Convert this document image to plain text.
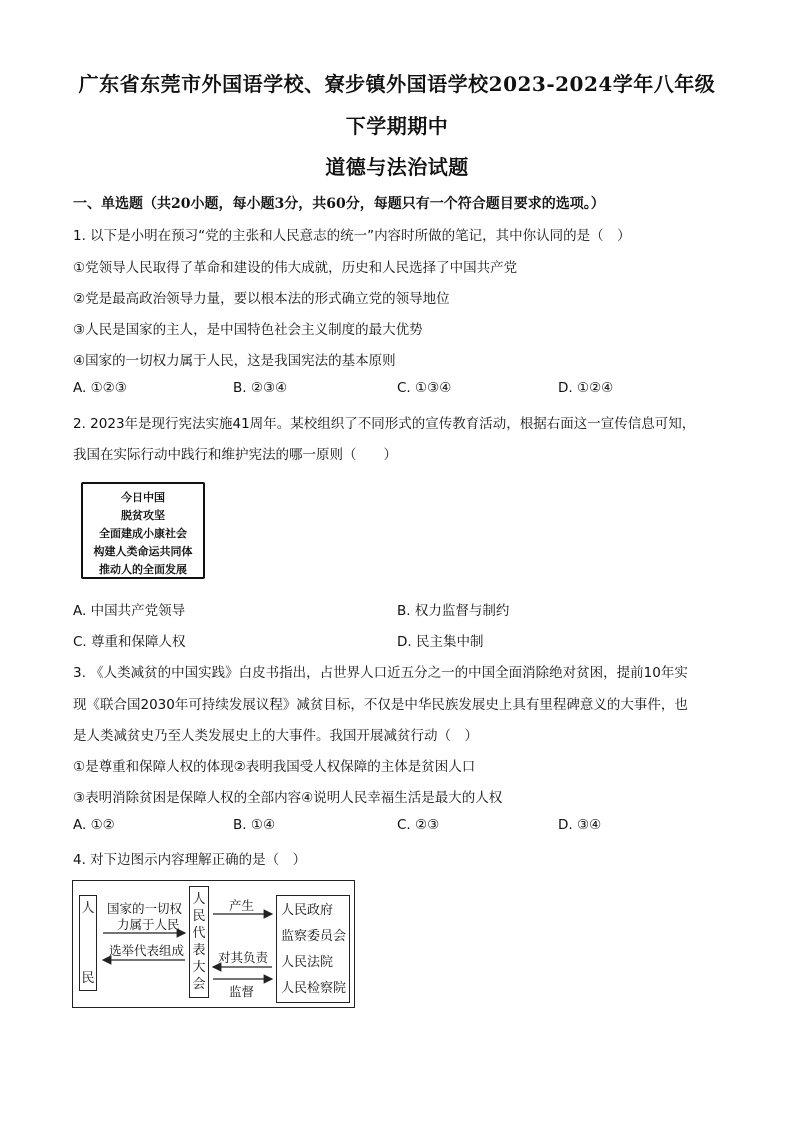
广东省东莞市外国语学校、寮步镇外国语学校2023-2024学年八年级
下学期期中
道德与法治试题
一、单选题（共20小题，每小题3分，共60分，每题只有一个符合题目要求的选项。）
1. 以下是小明在预习“党的主张和人民意志的统一”内容时所做的笔记，其中你认同的是（　）
①党领导人民取得了革命和建设的伟大成就，历史和人民选择了中国共产党
②党是最高政治领导力量，要以根本法的形式确立党的领导地位
③人民是国家的主人，是中国特色社会主义制度的最大优势
④国家的一切权力属于人民，这是我国宪法的基本原则
A. ①②③	B. ②③④	C. ①③④	D. ①②④
2. 2023年是现行宪法实施41周年。某校组织了不同形式的宣传教育活动，根据右面这一宣传信息可知，
我国在实际行动中践行和维护宪法的哪一原则（　　）
今日中国
脱贫攻坚
全面建成小康社会
构建人类命运共同体
推动人的全面发展
A. 中国共产党领导	B. 权力监督与制约
C. 尊重和保障人权	D. 民主集中制
3. 《人类减贫的中国实践》白皮书指出，占世界人口近五分之一的中国全面消除绝对贫困，提前10年实
现《联合国2030年可持续发展议程》减贫目标，不仅是中华民族发展史上具有里程碑意义的大事件，也
是人类减贫史乃至人类发展史上的大事件。我国开展减贫行动（　）
①是尊重和保障人权的体现②表明我国受人权保障的主体是贫困人口
③表明消除贫困是保障人权的全部内容④说明人民幸福生活是最大的人权
A. ①②	B. ①④	C. ②③	D. ③④
4. 对下边图示内容理解正确的是（　）
人
民
国家的一切权
力属于人民
选举代表组成
人民代表大会
产生
对其负责
监督
人民政府
监察委员会
人民法院
人民检察院
